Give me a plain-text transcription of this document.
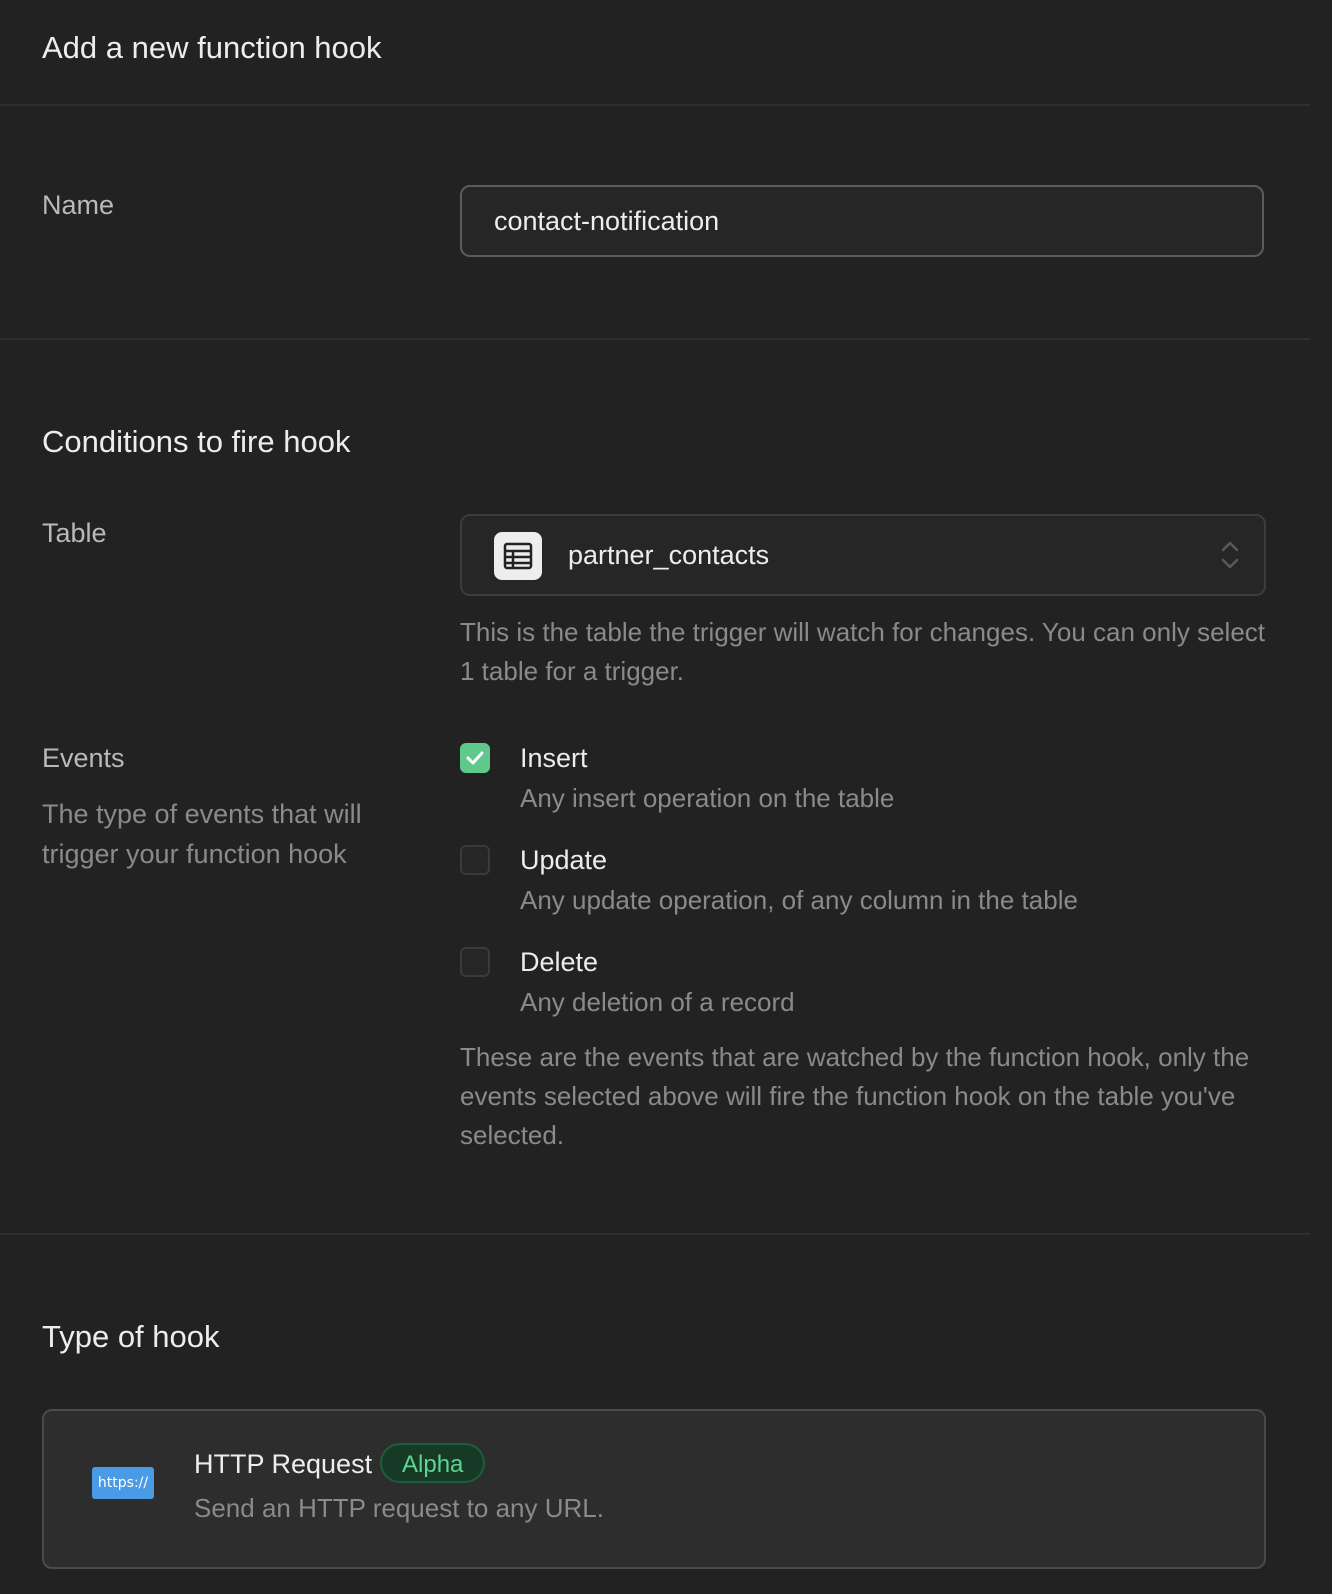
Add a new function hook
Name
contact-notification
Conditions to fire hook
Table
partner_contacts
This is the table the trigger will watch for changes. You can only select 1 table for a trigger.
Events
The type of events that will trigger your function hook
Insert
Any insert operation on the table
Update
Any update operation, of any column in the table
Delete
Any deletion of a record
These are the events that are watched by the function hook, only the events selected above will fire the function hook on the table you've selected.
Type of hook
https://
HTTP Request	Alpha
Send an HTTP request to any URL.
